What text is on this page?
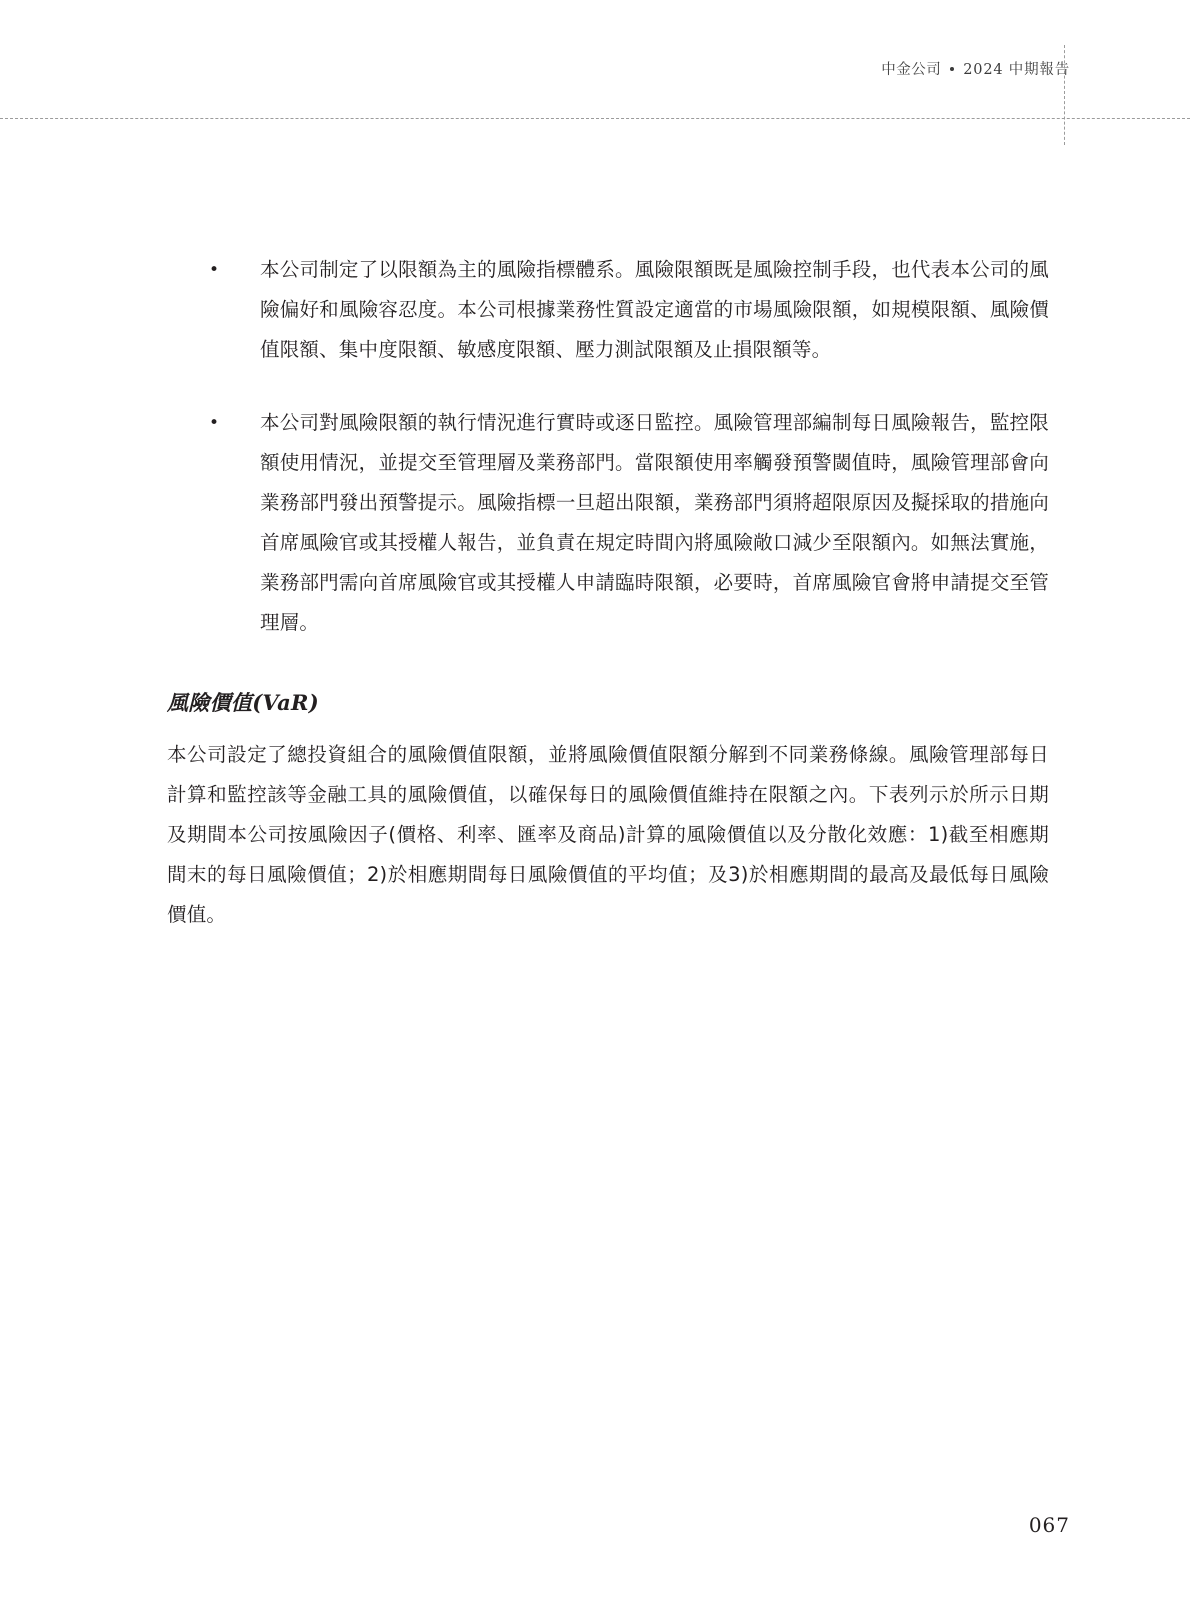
中金公司 2024 中期報告
• 本公司制定了以限額為主的風險指標體系。風險限額既是風險控制手段，也代表本公司的風險偏好和風險容忍度。本公司根據業務性質設定適當的市場風險限額，如規模限額、風險價值限額、集中度限額、敏感度限額、壓力測試限額及止損限額等。
• 本公司對風險限額的執行情況進行實時或逐日監控。風險管理部編制每日風險報告，監控限額使用情況，並提交至管理層及業務部門。當限額使用率觸發預警閾值時，風險管理部會向業務部門發出預警提示。風險指標一旦超出限額，業務部門須將超限原因及擬採取的措施向首席風險官或其授權人報告，並負責在規定時間內將風險敞口減少至限額內。如無法實施，業務部門需向首席風險官或其授權人申請臨時限額，必要時，首席風險官會將申請提交至管理層。
風險價值(VaR)
本公司設定了總投資組合的風險價值限額，並將風險價值限額分解到不同業務條線。風險管理部每日計算和監控該等金融工具的風險價值，以確保每日的風險價值維持在限額之內。下表列示於所示日期及期間本公司按風險因子(價格、利率、匯率及商品)計算的風險價值以及分散化效應：1)截至相應期間末的每日風險價值；2)於相應期間每日風險價值的平均值；及3)於相應期間的最高及最低每日風險價值。
067
